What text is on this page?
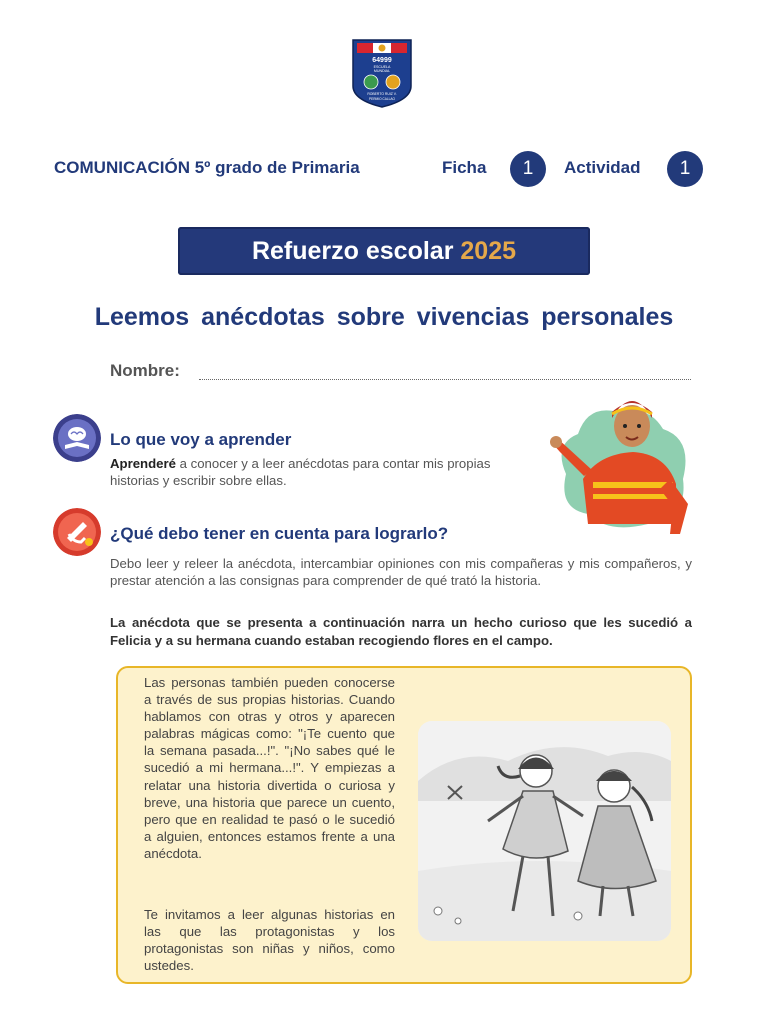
64999
ESCUELA
MUNDIAL
ROBERTO RUIZ V.
PERMIO CALLAO
COMUNICACIÓN 5º grado de Primaria	Ficha	1	Actividad	1
Refuerzo escolar 2025
Leemos anécdotas sobre vivencias personales
Nombre:
Lo que voy a aprender
Aprenderé a conocer y a leer anécdotas para contar mis propias historias y escribir sobre ellas.
¿Qué debo tener en cuenta para lograrlo?
Debo leer y releer la anécdota, intercambiar opiniones con mis compañeras y mis compañeros, y prestar atención a las consignas para comprender de qué trató la historia.
La anécdota que se presenta a continuación narra un hecho curioso que les sucedió a Felicia y a su hermana cuando estaban recogiendo flores en el campo.
Las personas también pueden conocerse a través de sus propias historias. Cuando hablamos con otras y otros y aparecen palabras mágicas como: "¡Te cuento que la semana pasada...!". "¡No sabes qué le sucedió a mi hermana...!". Y empiezas a relatar una historia divertida o curiosa y breve, una historia que parece un cuento, pero que en realidad te pasó o le sucedió a alguien, entonces estamos frente a una anécdota.
Te invitamos a leer algunas historias en las que las protagonistas y los protagonistas son niñas y niños, como ustedes.
